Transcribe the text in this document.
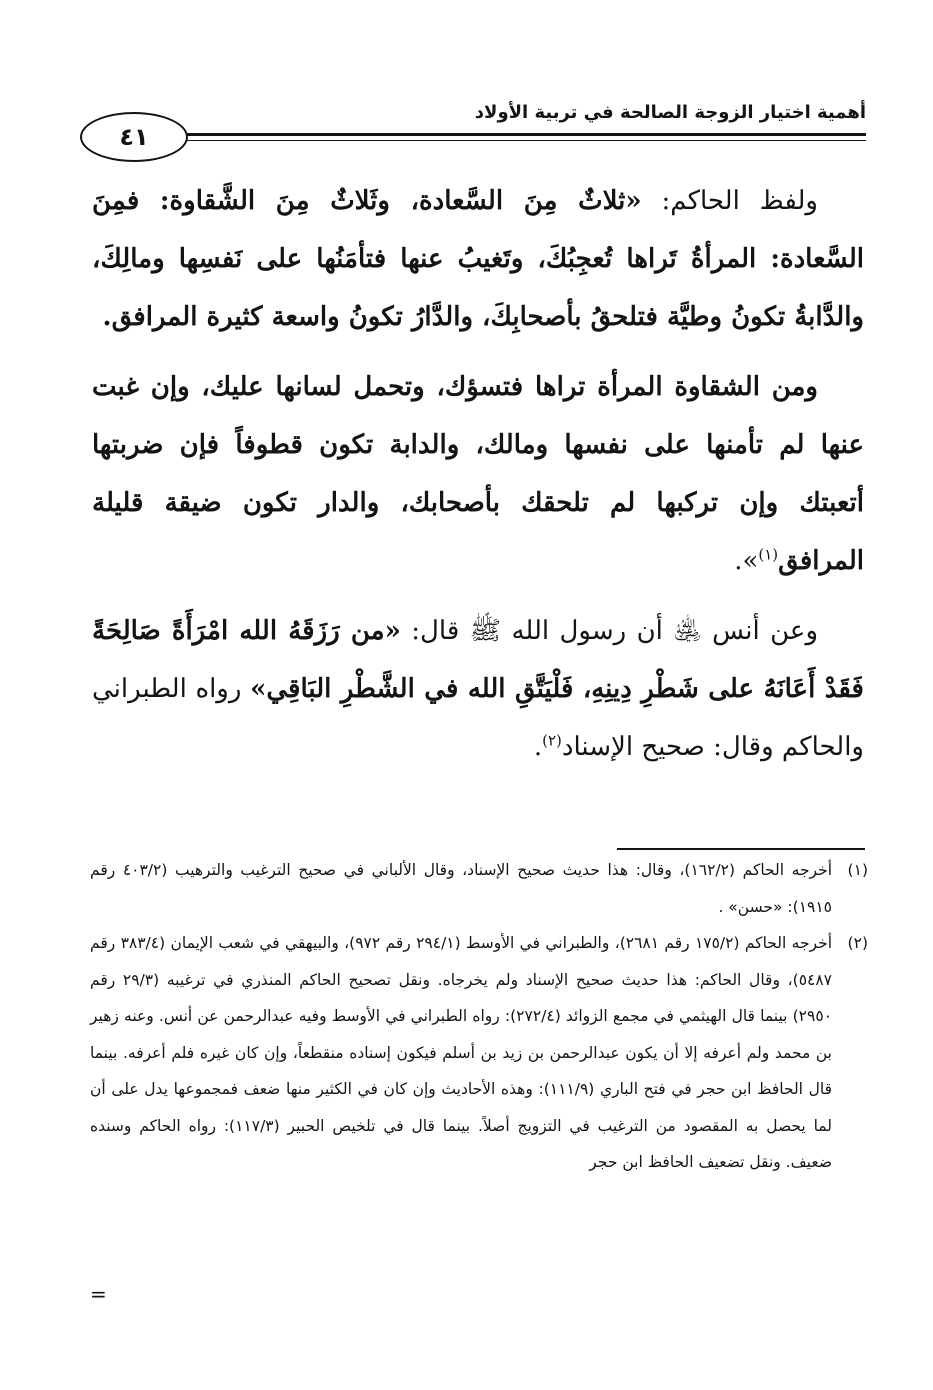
أهمية اختيار الزوجة الصالحة في تربية الأولاد
٤١

ولفظ الحاكم: «ثلاثٌ مِنَ السَّعادة، وثَلاثٌ مِنَ الشَّقاوة: فمِنَ السَّعادة: المرأةُ تَراها تُعجِبُكَ، وتَغيبُ عنها فتأمَنُها على نَفسِها ومالِكَ، والدَّابةُ تكونُ وطيَّة فتلحقُ بأصحابِكَ، والدَّارُ تكونُ واسعة كثيرة المرافق.

ومن الشقاوة المرأة تراها فتسؤك، وتحمل لسانها عليك، وإن غبت عنها لم تأمنها على نفسها ومالك، والدابة تكون قطوفاً فإن ضربتها أتعبتك وإن تركبها لم تلحقك بأصحابك، والدار تكون ضيقة قليلة المرافق$^{(١)}$».

وعن أنس ﵁ أن رسول الله ﷺ قال: «من رَزَقَهُ الله امْرَأَةً صَالِحَةً فَقَدْ أَعَانَهُ على شَطْرِ دِينِهِ، فَلْيَتَّقِ الله في الشَّطْرِ البَاقِي» رواه الطبراني والحاكم وقال: صحيح الإسناد$^{(٢)}$.

(١)
أخرجه الحاكم (١٦٢/٢)، وقال: هذا حديث صحيح الإسناد، وقال الألباني في صحيح الترغيب والترهيب (٤٠٣/٢ رقم ١٩١٥): «حسن» .

(٢)
أخرجه الحاكم (١٧٥/٢ رقم ٢٦٨١)، والطبراني في الأوسط (٢٩٤/١ رقم ٩٧٢)، والبيهقي في شعب الإيمان (٣٨٣/٤ رقم ٥٤٨٧)، وقال الحاكم: هذا حديث صحيح الإسناد ولم يخرجاه. ونقل تصحيح الحاكم المنذري في ترغيبه (٢٩/٣ رقم ٢٩٥٠) بينما قال الهيثمي في مجمع الزوائد (٢٧٢/٤): رواه الطبراني في الأوسط وفيه عبدالرحمن عن أنس. وعنه زهير بن محمد ولم أعرفه إلا أن يكون عبدالرحمن بن زيد بن أسلم فيكون إسناده منقطعاً، وإن كان غيره فلم أعرفه. بينما قال الحافظ ابن حجر في فتح الباري (١١١/٩): وهذه الأحاديث وإن كان في الكثير منها ضعف فمجموعها يدل على أن لما يحصل به المقصود من الترغيب في التزويج أصلاً. بينما قال في تلخيص الحبير (١١٧/٣): رواه الحاكم وسنده ضعيف. ونقل تضعيف الحافظ ابن حجر

=
